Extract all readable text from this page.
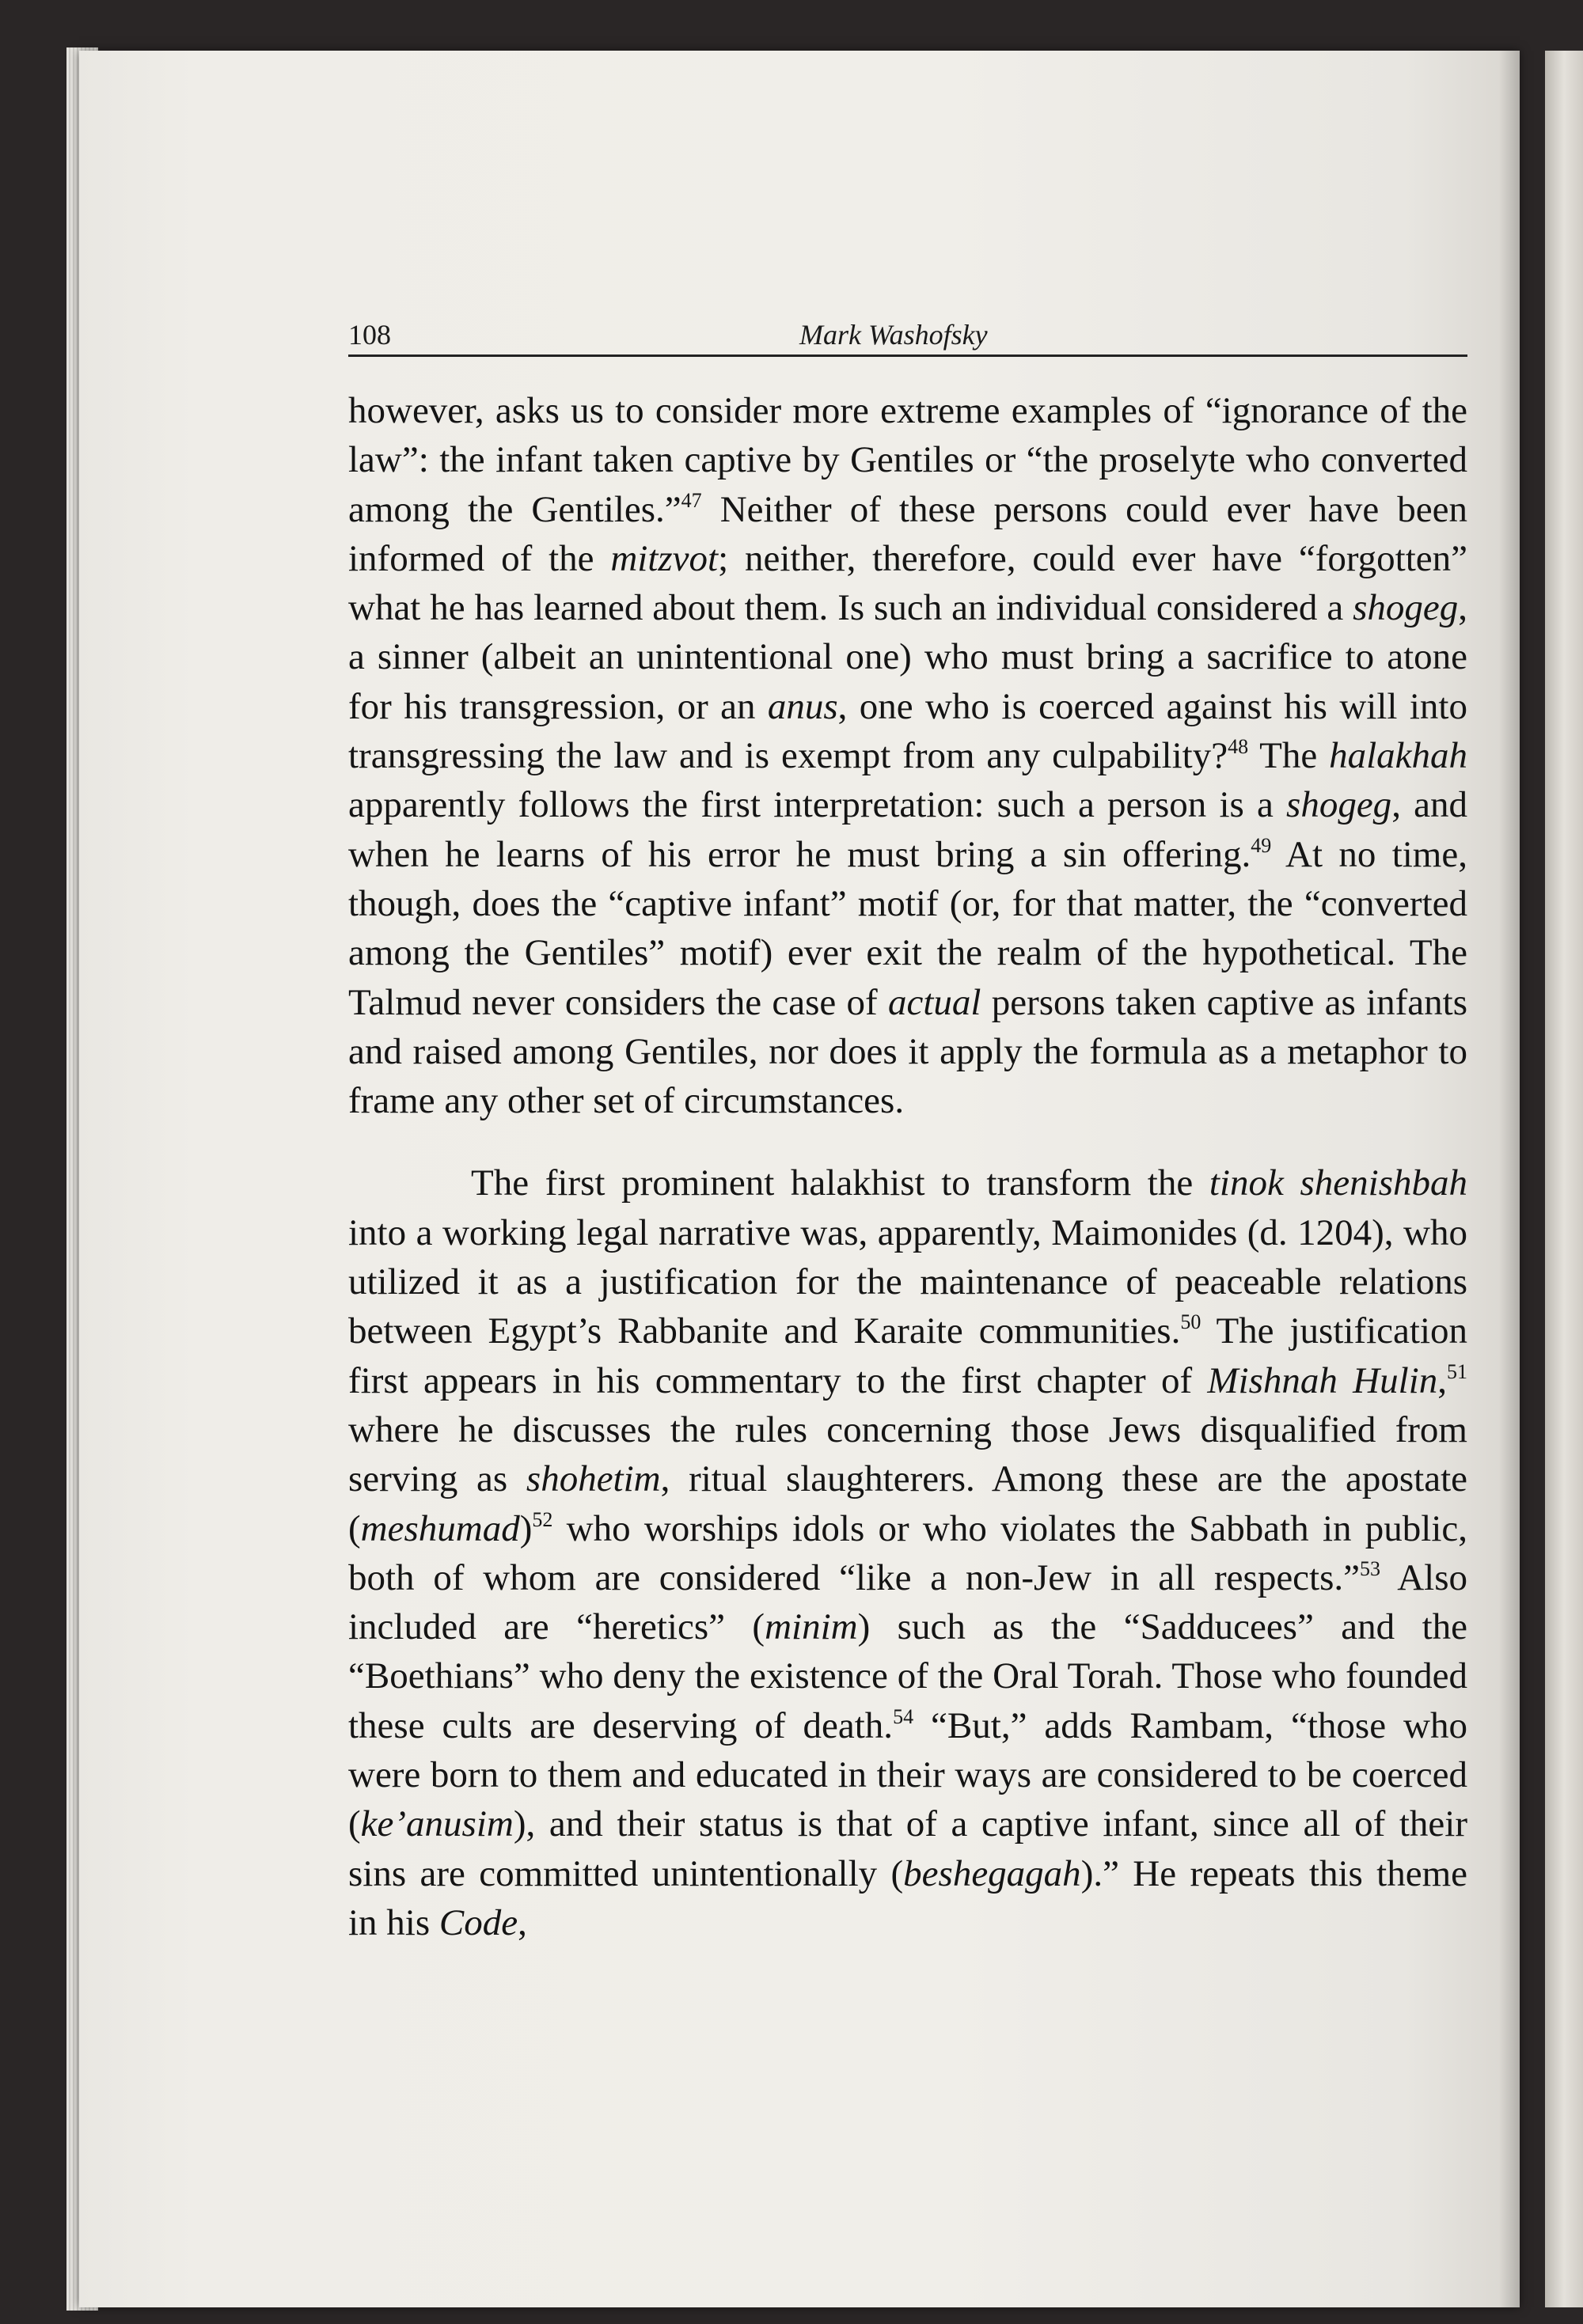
108	Mark Washofsky

however, asks us to consider more extreme examples of “ignorance of the law”: the infant taken captive by Gentiles or “the proselyte who converted among the Gentiles.”$^{47}$ Neither of these persons could ever have been informed of the mitzvot; neither, therefore, could ever have “forgotten” what he has learned about them. Is such an individual considered a shogeg, a sinner (albeit an unintentional one) who must bring a sacrifice to atone for his transgression, or an anus, one who is coerced against his will into transgressing the law and is exempt from any culpability?$^{48}$ The halakhah apparently follows the first interpretation: such a person is a shogeg, and when he learns of his error he must bring a sin offering.$^{49}$ At no time, though, does the “captive infant” motif (or, for that matter, the “converted among the Gentiles” motif) ever exit the realm of the hypothetical. The Talmud never considers the case of actual persons taken captive as infants and raised among Gentiles, nor does it apply the formula as a metaphor to frame any other set of circumstances.

The first prominent halakhist to transform the tinok shenishbah into a working legal narrative was, apparently, Maimonides (d. 1204), who utilized it as a justification for the maintenance of peaceable relations between Egypt’s Rabbanite and Karaite communities.$^{50}$ The justification first appears in his commentary to the first chapter of Mishnah Hulin,$^{51}$ where he discusses the rules concerning those Jews disqualified from serving as shohetim, ritual slaughterers. Among these are the apostate (meshumad)$^{52}$ who worships idols or who violates the Sabbath in public, both of whom are considered “like a non-Jew in all respects.”$^{53}$ Also included are “heretics” (minim) such as the “Sadducees” and the “Boethians” who deny the existence of the Oral Torah. Those who founded these cults are deserving of death.$^{54}$ “But,” adds Rambam, “those who were born to them and educated in their ways are considered to be coerced (ke’anusim), and their status is that of a captive infant, since all of their sins are committed unintentionally (beshegagah).” He repeats this theme in his Code,
